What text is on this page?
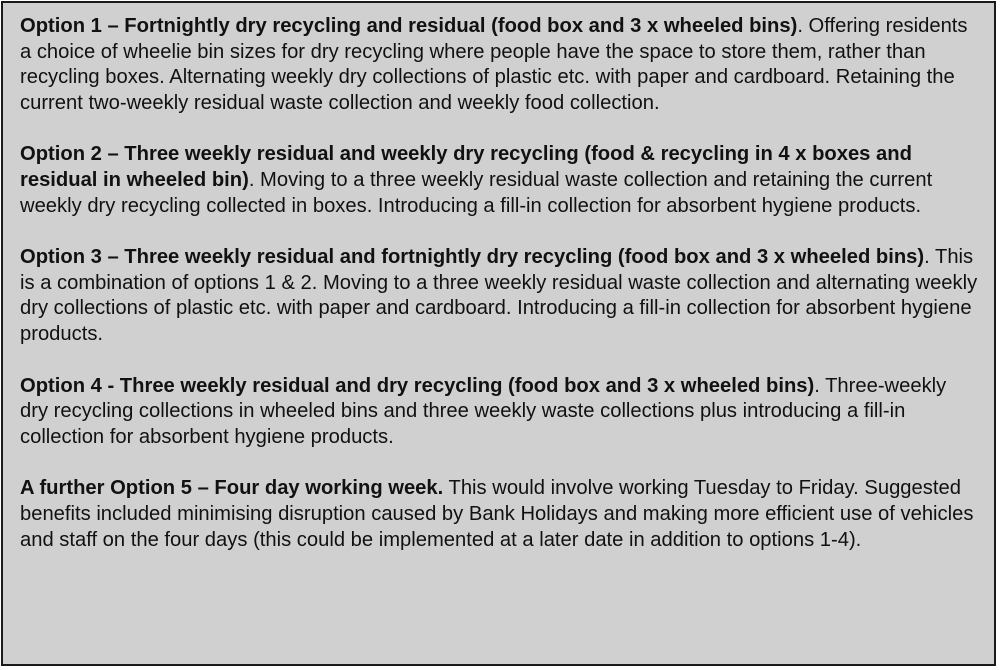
Option 1 – Fortnightly dry recycling and residual (food box and 3 x wheeled bins). Offering residents a choice of wheelie bin sizes for dry recycling where people have the space to store them, rather than recycling boxes. Alternating weekly dry collections of plastic etc. with paper and cardboard. Retaining the current two-weekly residual waste collection and weekly food collection.

Option 2 – Three weekly residual and weekly dry recycling (food & recycling in 4 x boxes and residual in wheeled bin). Moving to a three weekly residual waste collection and retaining the current weekly dry recycling collected in boxes. Introducing a fill-in collection for absorbent hygiene products.

Option 3 – Three weekly residual and fortnightly dry recycling (food box and 3 x wheeled bins). This is a combination of options 1 & 2. Moving to a three weekly residual waste collection and alternating weekly dry collections of plastic etc. with paper and cardboard. Introducing a fill-in collection for absorbent hygiene products.

Option 4 - Three weekly residual and dry recycling (food box and 3 x wheeled bins). Three-weekly dry recycling collections in wheeled bins and three weekly waste collections plus introducing a fill-in collection for absorbent hygiene products.

A further Option 5 – Four day working week. This would involve working Tuesday to Friday. Suggested benefits included minimising disruption caused by Bank Holidays and making more efficient use of vehicles and staff on the four days (this could be implemented at a later date in addition to options 1-4).
